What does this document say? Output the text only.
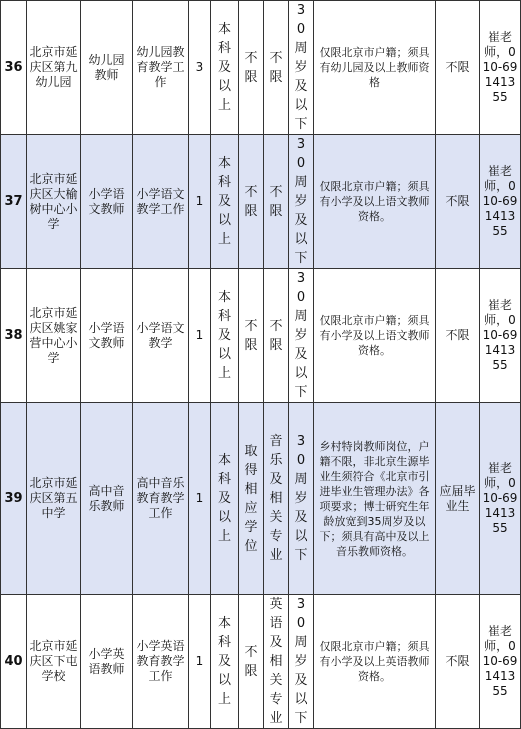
36	北京市延庆区第九幼儿园	幼儿园教师	幼儿园教育教学工作	3	本科及以上	不限	不限	30周岁及以下	仅限北京市户籍；须具有幼儿园及以上教师资格	不限	崔老师，010-69141355
37	北京市延庆区大榆树中心小学	小学语文教师	小学语文教学工作	1	本科及以上	不限	不限	30周岁及以下	仅限北京市户籍；须具有小学及以上语文教师资格。	不限	崔老师，010-69141355
38	北京市延庆区姚家营中心小学	小学语文教师	小学语文教学	1	本科及以上	不限	不限	30周岁及以下	仅限北京市户籍；须具有小学及以上语文教师资格。	不限	崔老师，010-69141355
39	北京市延庆区第五中学	高中音乐教师	高中音乐教育教学工作	1	本科及以上	取得相应学位	音乐及相关专业	30周岁及以下	乡村特岗教师岗位，户籍不限，非北京生源毕业生须符合《北京市引进毕业生管理办法》各项要求；博士研究生年龄放宽到35周岁及以下；须具有高中及以上音乐教师资格。	应届毕业生	崔老师，010-69141355
40	北京市延庆区下屯学校	小学英语教师	小学英语教育教学工作	1	本科及以上	不限	英语及相关专业	30周岁及以下	仅限北京市户籍；须具有小学及以上英语教师资格。	不限	崔老师，010-69141355
